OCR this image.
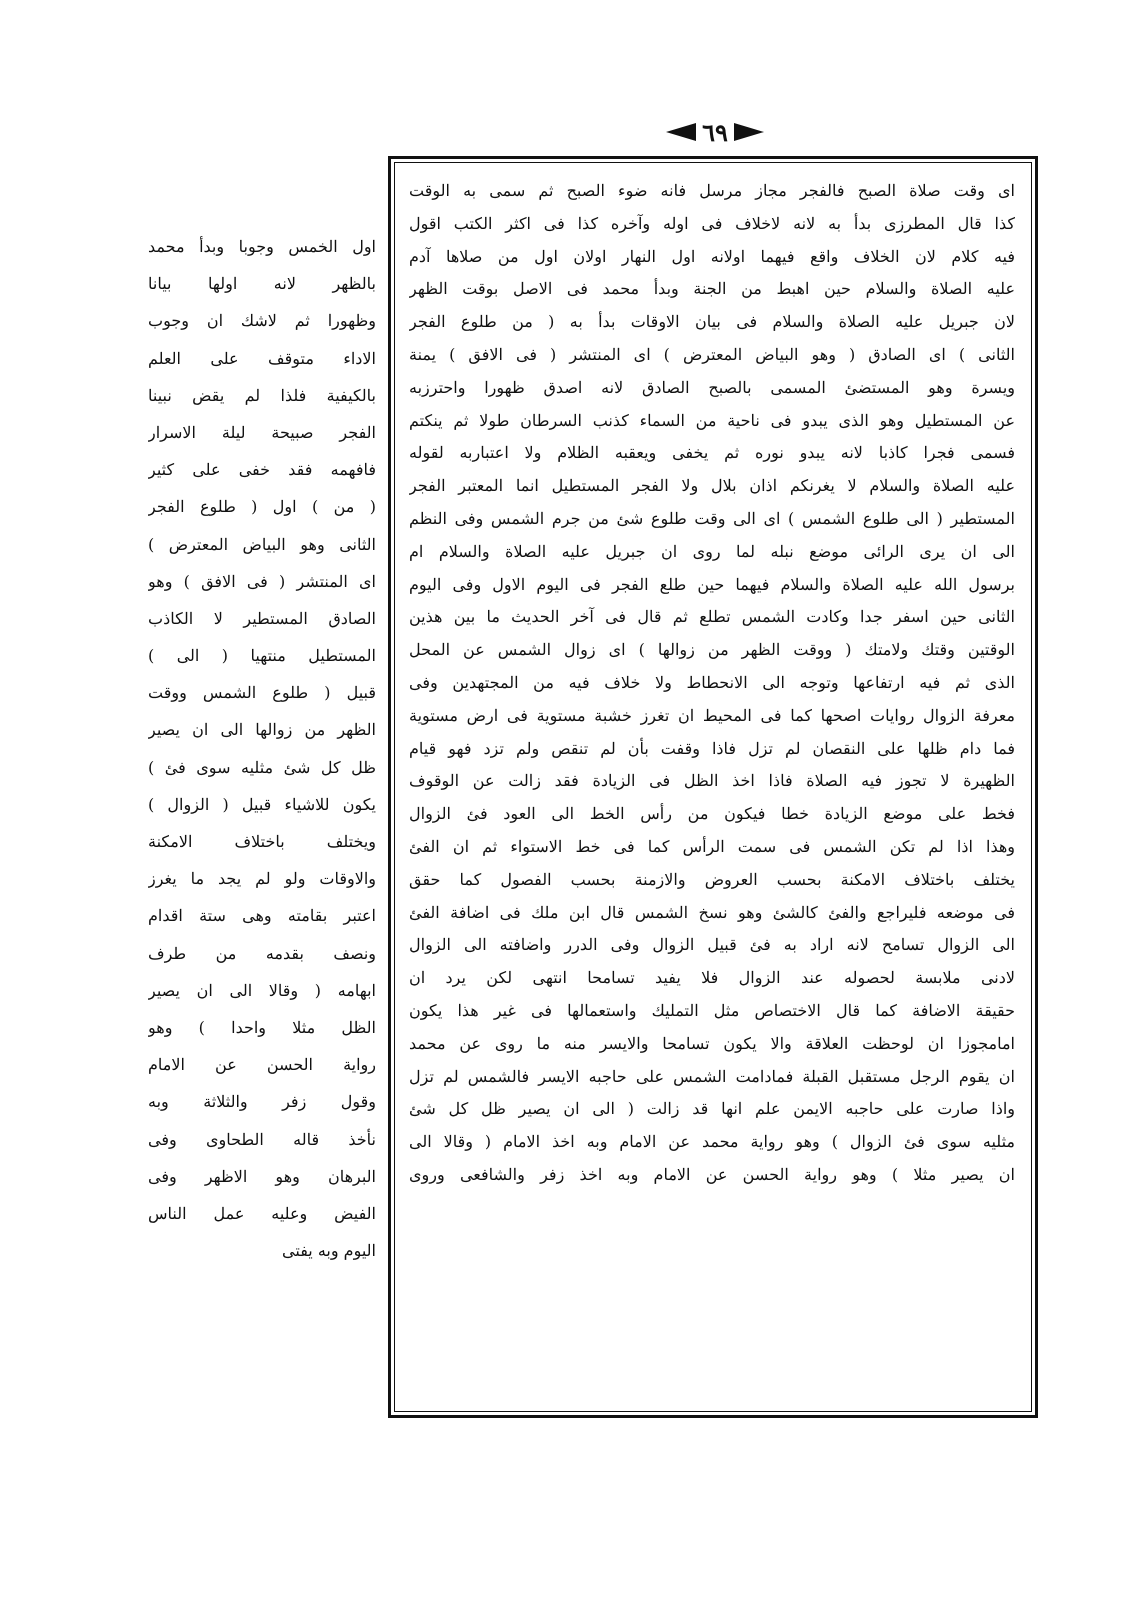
٦٩
اى وقت صلاة الصبح فالفجر مجاز مرسل فانه ضوء الصبح ثم سمى به الوقت
كذا قال المطرزى بدأ به لانه لاخلاف فى اوله وآخره كذا فى اكثر الكتب اقول
فيه كلام لان الخلاف واقع فيهما اولانه اول النهار اولان اول من صلاها آدم
عليه الصلاة والسلام حين اهبط من الجنة وبدأ محمد فى الاصل بوقت الظهر
لان جبريل عليه الصلاة والسلام فى بيان الاوقات بدأ به ( من طلوع الفجر
الثانى ) اى الصادق ( وهو البياض المعترض ) اى المنتشر ( فى الافق ) يمنة
ويسرة وهو المستضئ المسمى بالصبح الصادق لانه اصدق ظهورا واحترزبه
عن المستطيل وهو الذى يبدو فى ناحية من السماء كذنب السرطان طولا ثم ينكتم
فسمى فجرا كاذبا لانه يبدو نوره ثم يخفى ويعقبه الظلام ولا اعتباربه لقوله
عليه الصلاة والسلام لا يغرنكم اذان بلال ولا الفجر المستطيل انما المعتبر الفجر
المستطير ( الى طلوع الشمس ) اى الى وقت طلوع شئ من جرم الشمس وفى النظم
الى ان يرى الرائى موضع نبله لما روى ان جبريل عليه الصلاة والسلام ام
برسول الله عليه الصلاة والسلام فيهما حين طلع الفجر فى اليوم الاول وفى اليوم
الثانى حين اسفر جدا وكادت الشمس تطلع ثم قال فى آخر الحديث ما بين هذين
الوقتين وقتك ولامتك ( ووقت الظهر من زوالها ) اى زوال الشمس عن المحل
الذى ثم فيه ارتفاعها وتوجه الى الانحطاط ولا خلاف فيه من المجتهدين وفى
معرفة الزوال روايات اصحها كما فى المحيط ان تغرز خشبة مستوية فى ارض مستوية
فما دام ظلها على النقصان لم تزل فاذا وقفت بأن لم تنقص ولم تزد فهو قيام
الظهيرة لا تجوز فيه الصلاة فاذا اخذ الظل فى الزيادة فقد زالت عن الوقوف
فخط على موضع الزيادة خطا فيكون من رأس الخط الى العود فئ الزوال
وهذا اذا لم تكن الشمس فى سمت الرأس كما فى خط الاستواء ثم ان الفئ
يختلف باختلاف الامكنة بحسب العروض والازمنة بحسب الفصول كما حقق
فى موضعه فليراجع والفئ كالشئ وهو نسخ الشمس قال ابن ملك فى اضافة الفئ
الى الزوال تسامح لانه اراد به فئ قبيل الزوال وفى الدرر واضافته الى الزوال
لادنى ملابسة لحصوله عند الزوال فلا يفيد تسامحا انتهى لكن يرد ان
حقيقة الاضافة كما قال الاختصاص مثل التمليك واستعمالها فى غير هذا يكون
امامجوزا ان لوحظت العلاقة والا يكون تسامحا والايسر منه ما روى عن محمد
ان يقوم الرجل مستقبل القبلة فمادامت الشمس على حاجبه الايسر فالشمس لم تزل
واذا صارت على حاجبه الايمن علم انها قد زالت ( الى ان يصير ظل كل شئ
مثليه سوى فئ الزوال ) وهو رواية محمد عن الامام وبه اخذ الامام ( وقالا الى
ان يصير مثلا ) وهو رواية الحسن عن الامام وبه اخذ زفر والشافعى وروى
اول الخمس وجوبا وبدأ محمد
بالظهر لانه اولها بيانا
وظهورا ثم لاشك ان وجوب
الاداء متوقف على العلم
بالكيفية فلذا لم يقض نبينا
الفجر صبيحة ليلة الاسرار
فافهمه فقد خفى على كثير
( من ) اول ( طلوع الفجر
الثانى وهو البياض المعترض )
اى المنتشر ( فى الافق ) وهو
الصادق المستطير لا الكاذب
المستطيل منتهيا ( الى )
قبيل ( طلوع الشمس ووقت
الظهر من زوالها الى ان يصير
ظل كل شئ مثليه سوى فئ )
يكون للاشياء قبيل ( الزوال )
ويختلف باختلاف الامكنة
والاوقات ولو لم يجد ما يغرز
اعتبر بقامته وهى ستة اقدام
ونصف بقدمه من طرف
ابهامه ( وقالا الى ان يصير
الظل مثلا واحدا ) وهو
رواية الحسن عن الامام
وقول زفر والثلاثة وبه
نأخذ قاله الطحاوى وفى
البرهان وهو الاظهر وفى
الفيض وعليه عمل الناس
اليوم وبه يفتى
